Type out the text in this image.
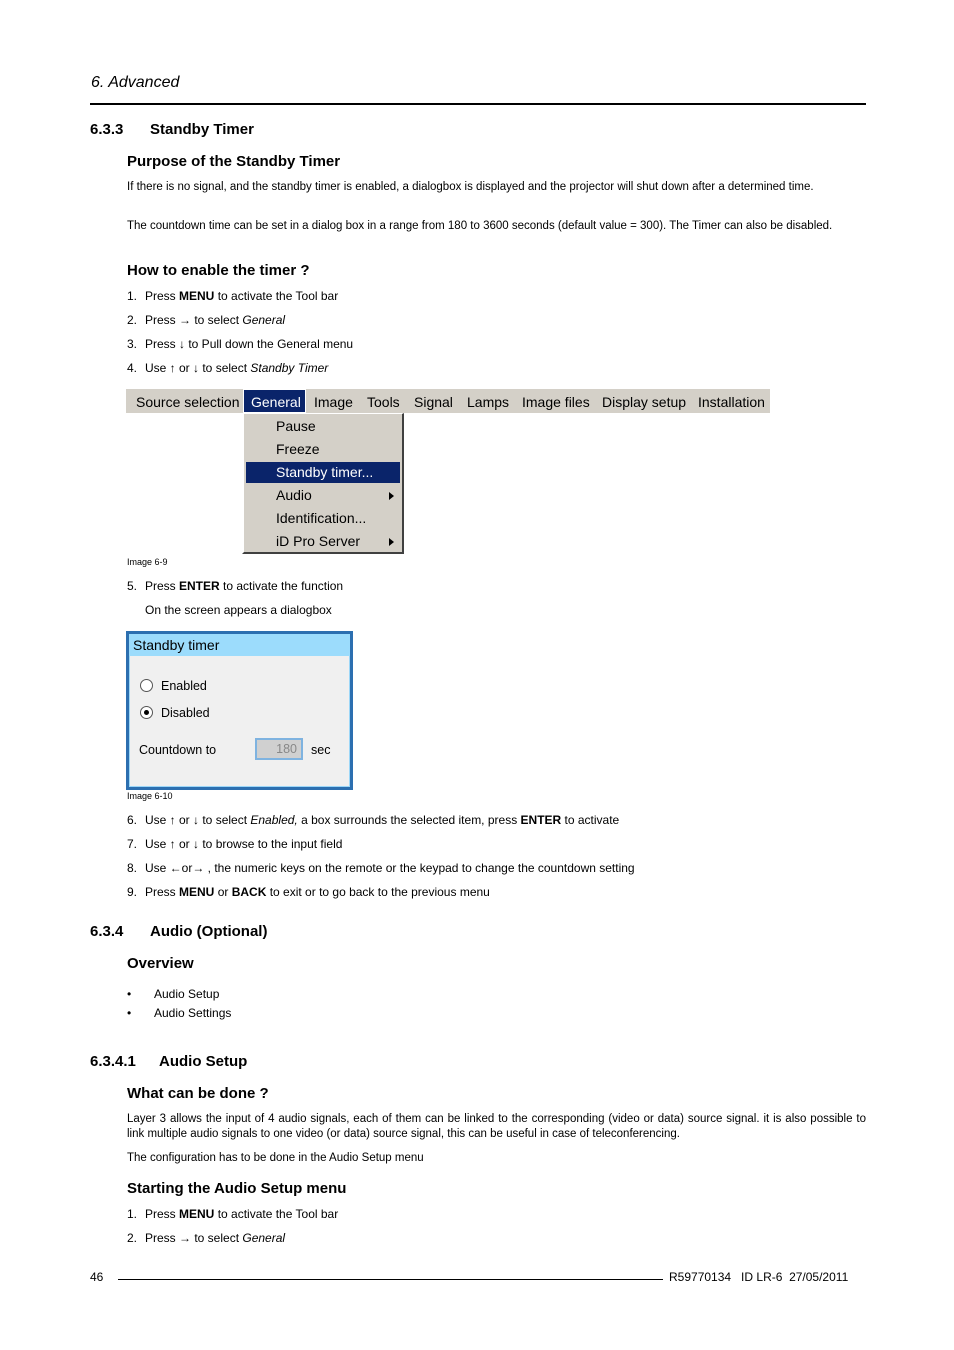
6. Advanced
6.3.3 Standby Timer
Purpose of the Standby Timer
If there is no signal, and the standby timer is enabled, a dialogbox is displayed and the projector will shut down after a determined time.
The countdown time can be set in a dialog box in a range from 180 to 3600 seconds (default value = 300). The Timer can also be disabled.
How to enable the timer ?
1. Press MENU to activate the Tool bar
2. Press → to select General
3. Press ↓ to Pull down the General menu
4. Use ↑ or ↓ to select Standby Timer
Source selection General Image Tools Signal Lamps Image files Display setup Installation
Pause
Freeze
Standby timer...
Audio
Identification...
iD Pro Server
Image 6-9
5. Press ENTER to activate the function
On the screen appears a dialogbox
Standby timer
Enabled
Disabled
Countdown to	180	sec
Image 6-10
6. Use ↑ or ↓ to select Enabled, a box surrounds the selected item, press ENTER to activate
7. Use ↑ or ↓ to browse to the input field
8. Use ←or→ , the numeric keys on the remote or the keypad to change the countdown setting
9. Press MENU or BACK to exit or to go back to the previous menu
6.3.4 Audio (Optional)
Overview
• Audio Setup
• Audio Settings
6.3.4.1 Audio Setup
What can be done ?
Layer 3 allows the input of 4 audio signals, each of them can be linked to the corresponding (video or data) source signal. it is also possible to link multiple audio signals to one video (or data) source signal, this can be useful in case of teleconferencing.
The configuration has to be done in the Audio Setup menu
Starting the Audio Setup menu
1. Press MENU to activate the Tool bar
2. Press → to select General
46	R59770134   ID LR-6  27/05/2011
